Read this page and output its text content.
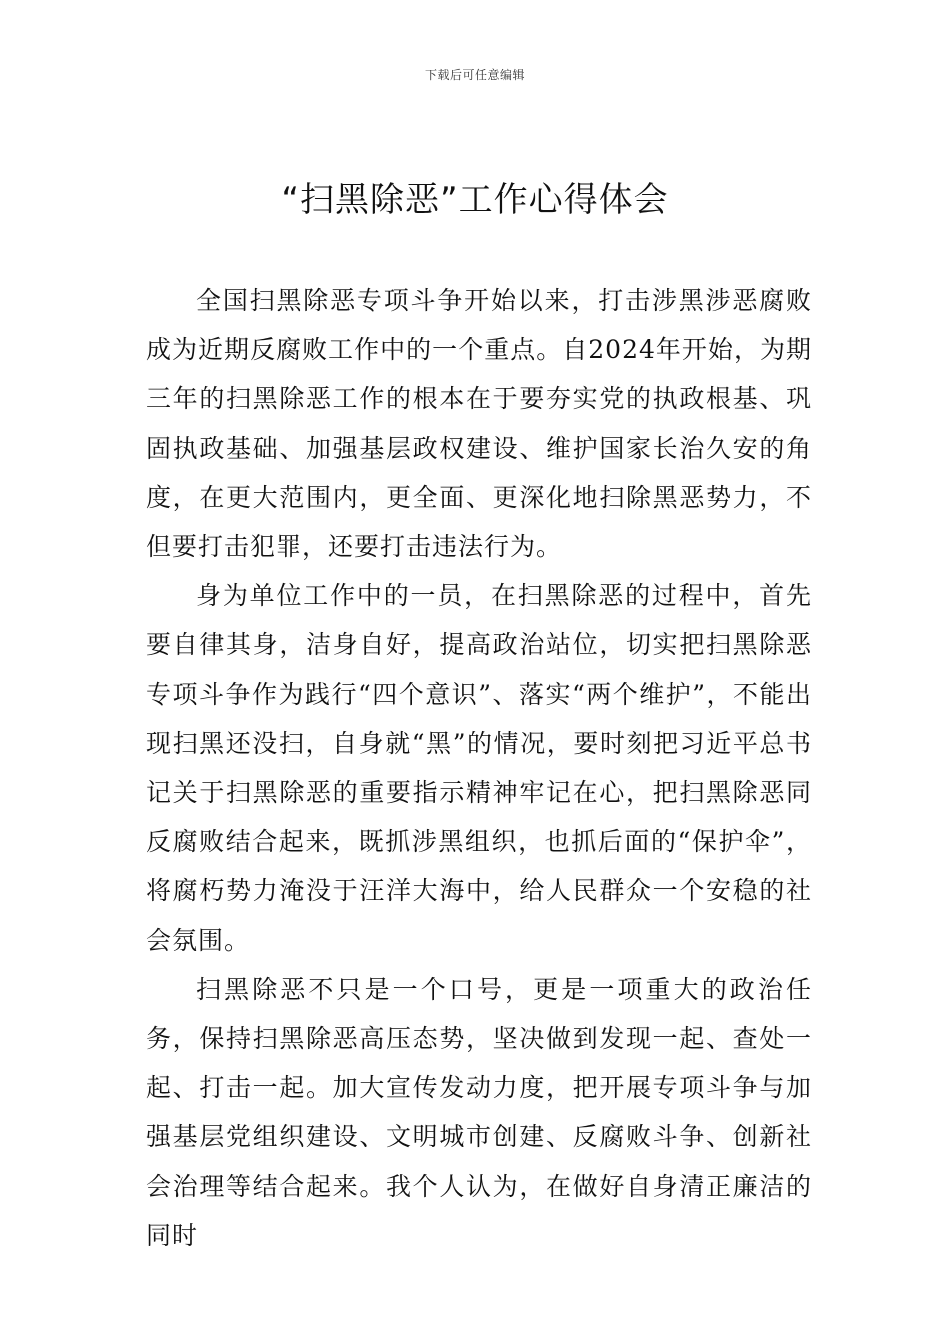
下载后可任意编辑
“扫黑除恶”工作心得体会

全国扫黑除恶专项斗争开始以来，打击涉黑涉恶腐败成为近期反腐败工作中的一个重点。自2024年开始，为期三年的扫黑除恶工作的根本在于要夯实党的执政根基、巩固执政基础、加强基层政权建设、维护国家长治久安的角度，在更大范围内，更全面、更深化地扫除黑恶势力，不但要打击犯罪，还要打击违法行为。

身为单位工作中的一员，在扫黑除恶的过程中，首先要自律其身，洁身自好，提高政治站位，切实把扫黑除恶专项斗争作为践行“四个意识”、落实“两个维护”，不能出现扫黑还没扫，自身就“黑”的情况，要时刻把习近平总书记关于扫黑除恶的重要指示精神牢记在心，把扫黑除恶同反腐败结合起来，既抓涉黑组织，也抓后面的“保护伞”，将腐朽势力淹没于汪洋大海中，给人民群众一个安稳的社会氛围。

扫黑除恶不只是一个口号，更是一项重大的政治任务，保持扫黑除恶高压态势，坚决做到发现一起、查处一起、打击一起。加大宣传发动力度，把开展专项斗争与加强基层党组织建设、文明城市创建、反腐败斗争、创新社会治理等结合起来。我个人认为，在做好自身清正廉洁的同时
